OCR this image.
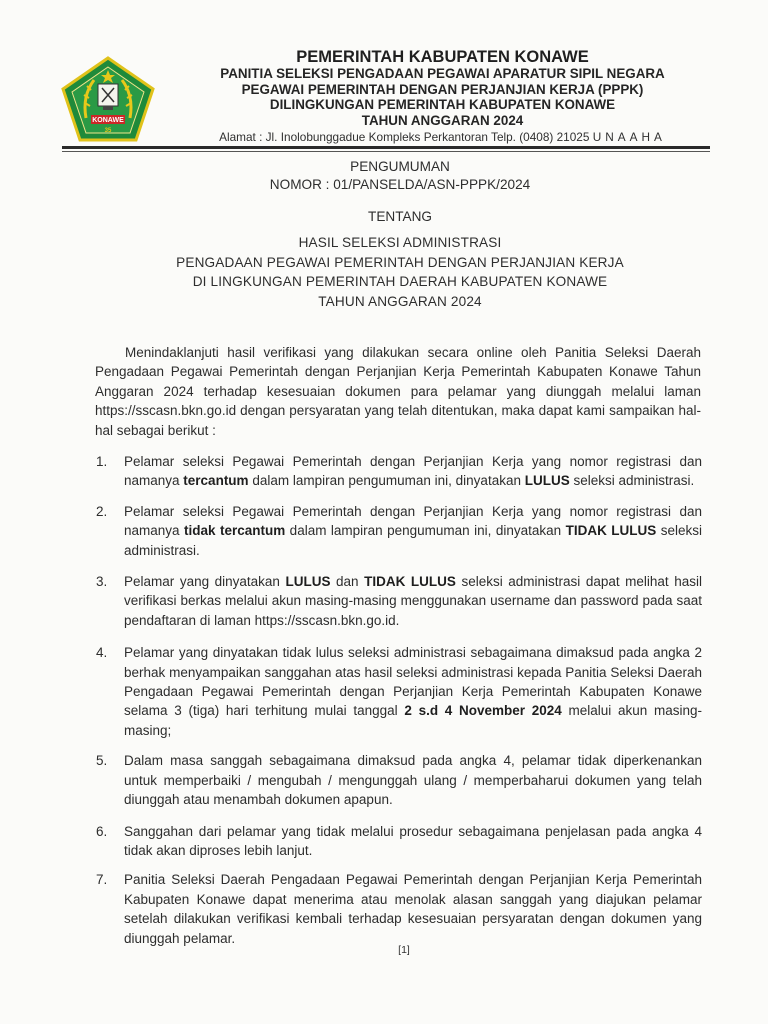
KONAWE
35
PEMERINTAH KABUPATEN KONAWE
PANITIA SELEKSI PENGADAAN PEGAWAI APARATUR SIPIL NEGARA
PEGAWAI PEMERINTAH DENGAN PERJANJIAN KERJA (PPPK)
DILINGKUNGAN PEMERINTAH KABUPATEN KONAWE
TAHUN ANGGARAN 2024
Alamat : Jl. Inolobunggadue Kompleks Perkantoran Telp. (0408) 21025 UNAAHA
PENGUMUMAN
NOMOR : 01/PANSELDA/ASN-PPPK/2024
TENTANG
HASIL SELEKSI ADMINISTRASI
PENGADAAN PEGAWAI PEMERINTAH DENGAN PERJANJIAN KERJA
DI LINGKUNGAN PEMERINTAH DAERAH KABUPATEN KONAWE
TAHUN ANGGARAN 2024

Menindaklanjuti hasil verifikasi yang dilakukan secara online oleh Panitia Seleksi Daerah Pengadaan Pegawai Pemerintah dengan Perjanjian Kerja Pemerintah Kabupaten Konawe Tahun Anggaran 2024 terhadap kesesuaian dokumen para pelamar yang diunggah melalui laman https://sscasn.bkn.go.id dengan persyaratan yang telah ditentukan, maka dapat kami sampaikan hal-hal sebagai berikut :

1. Pelamar seleksi Pegawai Pemerintah dengan Perjanjian Kerja yang nomor registrasi dan namanya tercantum dalam lampiran pengumuman ini, dinyatakan LULUS seleksi administrasi.
2. Pelamar seleksi Pegawai Pemerintah dengan Perjanjian Kerja yang nomor registrasi dan namanya tidak tercantum dalam lampiran pengumuman ini, dinyatakan TIDAK LULUS seleksi administrasi.
3. Pelamar yang dinyatakan LULUS dan TIDAK LULUS seleksi administrasi dapat melihat hasil verifikasi berkas melalui akun masing-masing menggunakan username dan password pada saat pendaftaran di laman https://sscasn.bkn.go.id.
4. Pelamar yang dinyatakan tidak lulus seleksi administrasi sebagaimana dimaksud pada angka 2 berhak menyampaikan sanggahan atas hasil seleksi administrasi kepada Panitia Seleksi Daerah Pengadaan Pegawai Pemerintah dengan Perjanjian Kerja Pemerintah Kabupaten Konawe selama 3 (tiga) hari terhitung mulai tanggal 2 s.d 4 November 2024 melalui akun masing-masing;
5. Dalam masa sanggah sebagaimana dimaksud pada angka 4, pelamar tidak diperkenankan untuk memperbaiki / mengubah / mengunggah ulang / memperbaharui dokumen yang telah diunggah atau menambah dokumen apapun.
6. Sanggahan dari pelamar yang tidak melalui prosedur sebagaimana penjelasan pada angka 4 tidak akan diproses lebih lanjut.
7. Panitia Seleksi Daerah Pengadaan Pegawai Pemerintah dengan Perjanjian Kerja Pemerintah Kabupaten Konawe dapat menerima atau menolak alasan sanggah yang diajukan pelamar setelah dilakukan verifikasi kembali terhadap kesesuaian persyaratan dengan dokumen yang diunggah pelamar.
[1]
